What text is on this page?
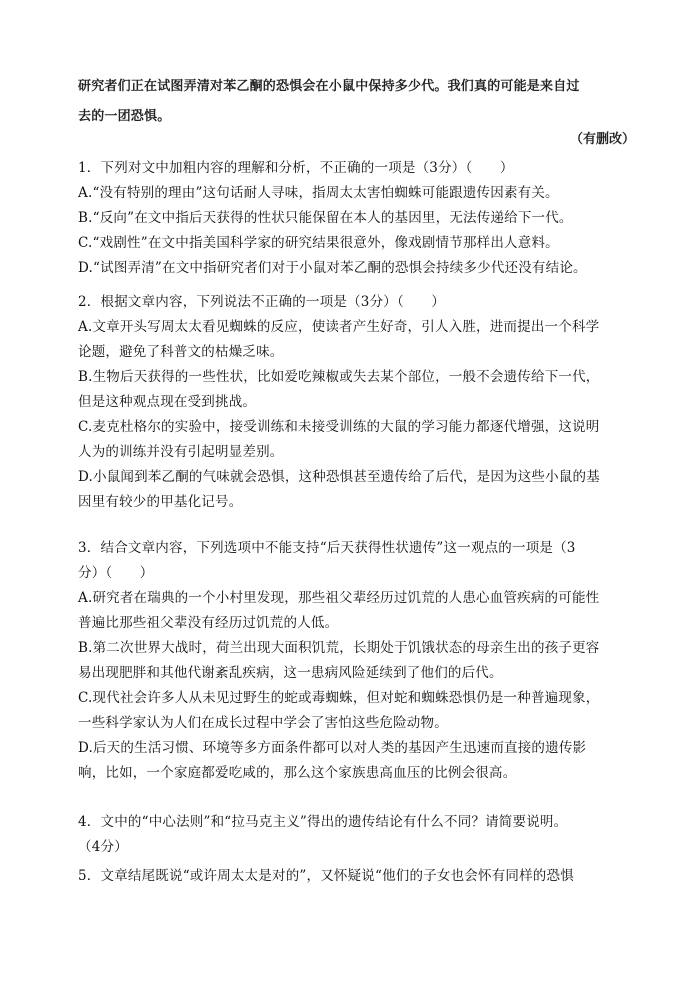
研究者们正在试图弄清对苯乙酮的恐惧会在小鼠中保持多少代。我们真的可能是来自过
去的一团恐惧。

（有删改）

1．下列对文中加粗内容的理解和分析，不正确的一项是（3分）（　　）
A.“没有特别的理由”这句话耐人寻味，指周太太害怕蜘蛛可能跟遗传因素有关。
B.“反向”在文中指后天获得的性状只能保留在本人的基因里，无法传递给下一代。
C.“戏剧性”在文中指美国科学家的研究结果很意外，像戏剧情节那样出人意料。
D.“试图弄清”在文中指研究者们对于小鼠对苯乙酮的恐惧会持续多少代还没有结论。
2．根据文章内容，下列说法不正确的一项是（3分）（　　）
A.文章开头写周太太看见蜘蛛的反应，使读者产生好奇，引人入胜，进而提出一个科学
论题，避免了科普文的枯燥乏味。
B.生物后天获得的一些性状，比如爱吃辣椒或失去某个部位，一般不会遗传给下一代，
但是这种观点现在受到挑战。
C.麦克杜格尔的实验中，接受训练和未接受训练的大鼠的学习能力都逐代增强，这说明
人为的训练并没有引起明显差别。
D.小鼠闻到苯乙酮的气味就会恐惧，这种恐惧甚至遗传给了后代，是因为这些小鼠的基
因里有较少的甲基化记号。
3．结合文章内容，下列选项中不能支持“后天获得性状遗传”这一观点的一项是（3
分）（　　）
A.研究者在瑞典的一个小村里发现，那些祖父辈经历过饥荒的人患心血管疾病的可能性
普遍比那些祖父辈没有经历过饥荒的人低。
B.第二次世界大战时，荷兰出现大面积饥荒，长期处于饥饿状态的母亲生出的孩子更容
易出现肥胖和其他代谢紊乱疾病，这一患病风险延续到了他们的后代。
C.现代社会许多人从未见过野生的蛇或毒蜘蛛，但对蛇和蜘蛛恐惧仍是一种普遍现象，
一些科学家认为人们在成长过程中学会了害怕这些危险动物。
D.后天的生活习惯、环境等多方面条件都可以对人类的基因产生迅速而直接的遗传影
响，比如，一个家庭都爱吃咸的，那么这个家族患高血压的比例会很高。
4．文中的“中心法则”和“拉马克主义”得出的遗传结论有什么不同？请简要说明。
（4分）
5．文章结尾既说“或许周太太是对的”，又怀疑说“他们的子女也会怀有同样的恐惧
